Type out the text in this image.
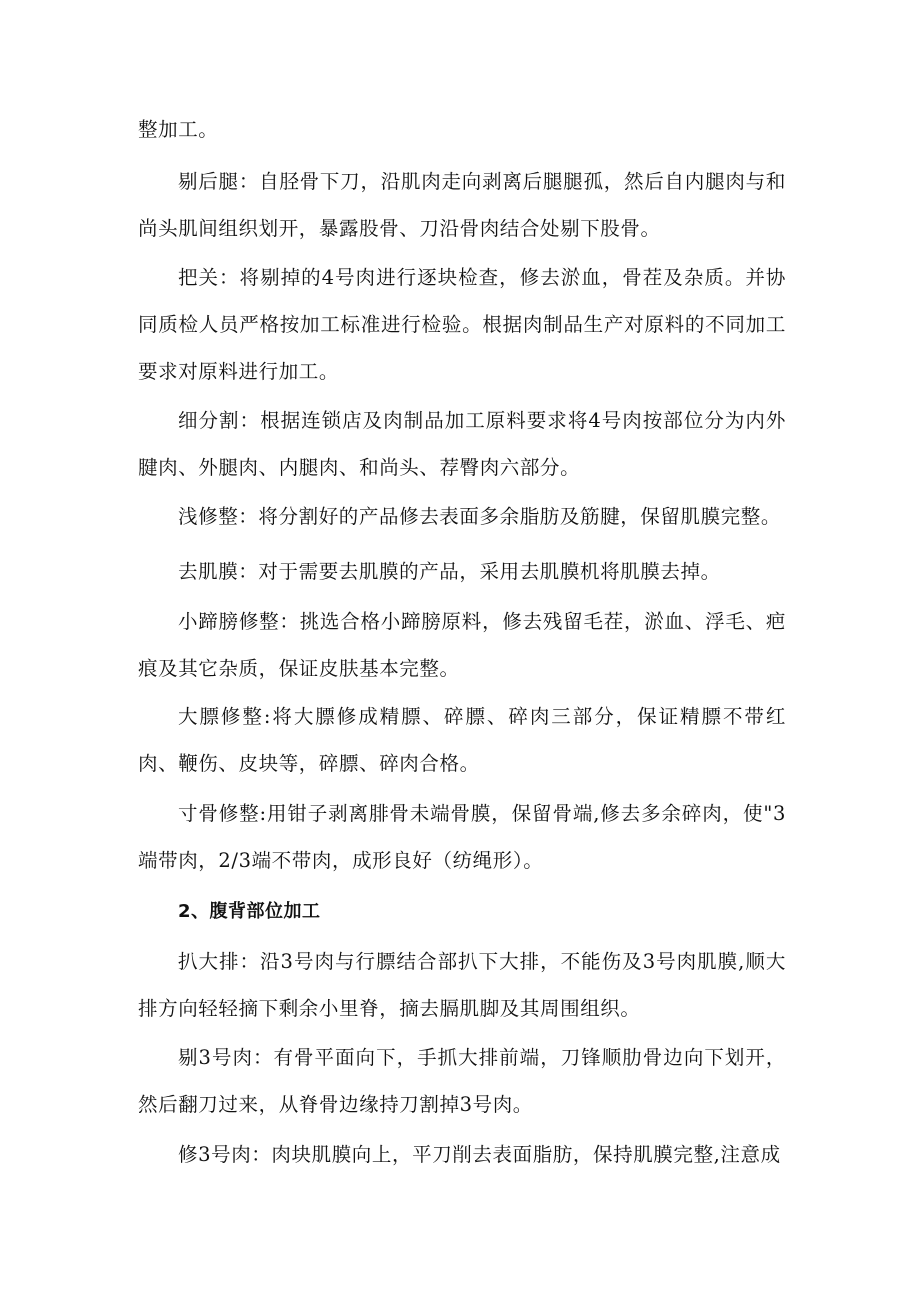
整加工。

剔后腿：自胫骨下刀，沿肌肉走向剥离后腿腿孤，然后自内腿肉与和尚头肌间组织划开，暴露股骨、刀沿骨肉结合处剔下股骨。

把关：将剔掉的4号肉进行逐块检查，修去淤血，骨茬及杂质。并协同质检人员严格按加工标准进行检验。根据肉制品生产对原料的不同加工要求对原料进行加工。

细分割：根据连锁店及肉制品加工原料要求将4号肉按部位分为内外腱肉、外腿肉、内腿肉、和尚头、荐臀肉六部分。

浅修整：将分割好的产品修去表面多余脂肪及筋腱，保留肌膜完整。

去肌膜：对于需要去肌膜的产品，采用去肌膜机将肌膜去掉。

小蹄膀修整：挑选合格小蹄膀原料，修去残留毛茬，淤血、浮毛、疤痕及其它杂质，保证皮肤基本完整。

大膘修整:将大膘修成精膘、碎膘、碎肉三部分，保证精膘不带红肉、鞭伤、皮块等，碎膘、碎肉合格。

寸骨修整:用钳子剥离腓骨未端骨膜，保留骨端,修去多余碎肉，使"3端带肉，2/3端不带肉，成形良好（纺绳形）。

2、腹背部位加工

扒大排：沿3号肉与行膘结合部扒下大排，不能伤及3号肉肌膜,顺大排方向轻轻摘下剩余小里脊，摘去膈肌脚及其周围组织。

剔3号肉：有骨平面向下，手抓大排前端，刀锋顺肋骨边向下划开，然后翻刀过来，从脊骨边缘持刀割掉3号肉。

修3号肉：肉块肌膜向上，平刀削去表面脂肪，保持肌膜完整,注意成
